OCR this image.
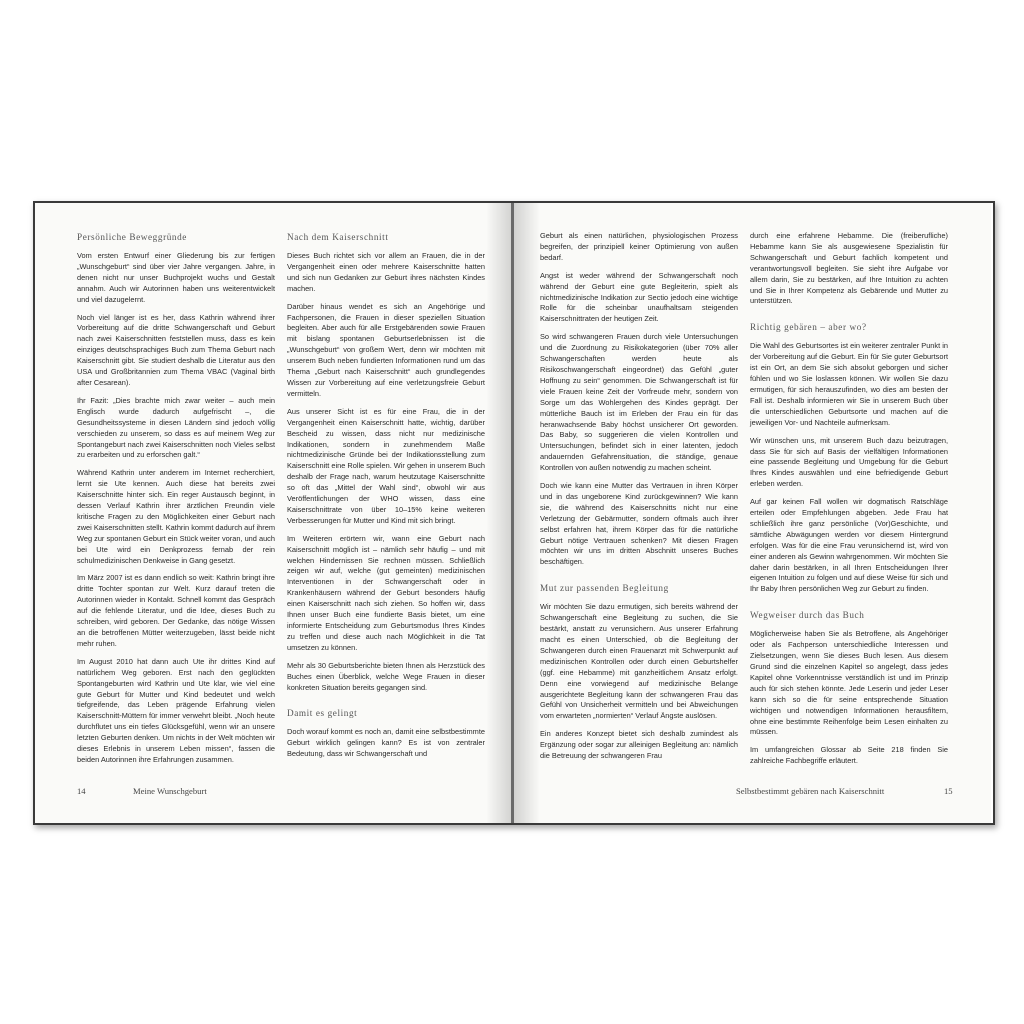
Persönliche Beweggründe

Vom ersten Entwurf einer Gliederung bis zur fertigen „Wunschgeburt“ sind über vier Jahre vergangen. Jahre, in denen nicht nur unser Buchprojekt wuchs und Gestalt annahm. Auch wir Autorinnen haben uns weiterentwickelt und viel dazugelernt.

Noch viel länger ist es her, dass Kathrin während ihrer Vorbereitung auf die dritte Schwangerschaft und Geburt nach zwei Kaiserschnitten feststellen muss, dass es kein einziges deutschsprachiges Buch zum Thema Geburt nach Kaiserschnitt gibt. Sie studiert deshalb die Literatur aus den USA und Großbritannien zum Thema VBAC (Vaginal birth after Cesarean).

Ihr Fazit: „Dies brachte mich zwar weiter – auch mein Englisch wurde dadurch aufgefrischt –, die Gesundheitssysteme in diesen Ländern sind jedoch völlig verschieden zu unserem, so dass es auf meinem Weg zur Spontangeburt nach zwei Kaiserschnitten noch Vieles selbst zu erarbeiten und zu erforschen galt.“

Während Kathrin unter anderem im Internet recherchiert, lernt sie Ute kennen. Auch diese hat bereits zwei Kaiserschnitte hinter sich. Ein reger Austausch beginnt, in dessen Verlauf Kathrin ihrer ärztlichen Freundin viele kritische Fragen zu den Möglichkeiten einer Geburt nach zwei Kaiserschnitten stellt. Kathrin kommt dadurch auf ihrem Weg zur spontanen Geburt ein Stück weiter voran, und auch bei Ute wird ein Denkprozess fernab der rein schulmedizinischen Denkweise in Gang gesetzt.

Im März 2007 ist es dann endlich so weit: Kathrin bringt ihre dritte Tochter spontan zur Welt. Kurz darauf treten die Autorinnen wieder in Kontakt. Schnell kommt das Gespräch auf die fehlende Literatur, und die Idee, dieses Buch zu schreiben, wird geboren. Der Gedanke, das nötige Wissen an die betroffenen Mütter weiterzugeben, lässt beide nicht mehr ruhen.

Im August 2010 hat dann auch Ute ihr drittes Kind auf natürlichem Weg geboren. Erst nach den geglückten Spontangeburten wird Kathrin und Ute klar, wie viel eine gute Geburt für Mutter und Kind bedeutet und welch tiefgreifende, das Leben prägende Erfahrung vielen Kaiserschnitt-Müttern für immer verwehrt bleibt. „Noch heute durchflutet uns ein tiefes Glücksgefühl, wenn wir an unsere letzten Geburten denken. Um nichts in der Welt möchten wir dieses Erlebnis in unserem Leben missen“, fassen die beiden Autorinnen ihre Erfahrungen zusammen.

Nach dem Kaiserschnitt

Dieses Buch richtet sich vor allem an Frauen, die in der Vergangenheit einen oder mehrere Kaiserschnitte hatten und sich nun Gedanken zur Geburt ihres nächsten Kindes machen.

Darüber hinaus wendet es sich an Angehörige und Fachpersonen, die Frauen in dieser speziellen Situation begleiten. Aber auch für alle Erstgebärenden sowie Frauen mit bislang spontanen Geburtserlebnissen ist die „Wunschgeburt“ von großem Wert, denn wir möchten mit unserem Buch neben fundierten Informationen rund um das Thema „Geburt nach Kaiserschnitt“ auch grundlegendes Wissen zur Vorbereitung auf eine verletzungsfreie Geburt vermitteln.

Aus unserer Sicht ist es für eine Frau, die in der Vergangenheit einen Kaiserschnitt hatte, wichtig, darüber Bescheid zu wissen, dass nicht nur medizinische Indikationen, sondern in zunehmendem Maße nichtmedizinische Gründe bei der Indikationsstellung zum Kaiserschnitt eine Rolle spielen. Wir gehen in unserem Buch deshalb der Frage nach, warum heutzutage Kaiserschnitte so oft das „Mittel der Wahl sind“, obwohl wir aus Veröffentlichungen der WHO wissen, dass eine Kaiserschnittrate von über 10–15% keine weiteren Verbesserungen für Mutter und Kind mit sich bringt.

Im Weiteren erörtern wir, wann eine Geburt nach Kaiserschnitt möglich ist – nämlich sehr häufig – und mit welchen Hindernissen Sie rechnen müssen. Schließlich zeigen wir auf, welche (gut gemeinten) medizinischen Interventionen in der Schwangerschaft oder in Krankenhäusern während der Geburt besonders häufig einen Kaiserschnitt nach sich ziehen. So hoffen wir, dass Ihnen unser Buch eine fundierte Basis bietet, um eine informierte Entscheidung zum Geburtsmodus Ihres Kindes zu treffen und diese auch nach Möglichkeit in die Tat umsetzen zu können.

Mehr als 30 Geburtsberichte bieten Ihnen als Herzstück des Buches einen Überblick, welche Wege Frauen in dieser konkreten Situation bereits gegangen sind.

Damit es gelingt

Doch worauf kommt es noch an, damit eine selbstbestimmte Geburt wirklich gelingen kann? Es ist von zentraler Bedeutung, dass wir Schwangerschaft und

14	Meine Wunschgeburt

Geburt als einen natürlichen, physiologischen Prozess begreifen, der prinzipiell keiner Optimierung von außen bedarf.

Angst ist weder während der Schwangerschaft noch während der Geburt eine gute Begleiterin, spielt als nichtmedizinische Indikation zur Sectio jedoch eine wichtige Rolle für die scheinbar unaufhaltsam steigenden Kaiserschnittraten der heutigen Zeit.

So wird schwangeren Frauen durch viele Untersuchungen und die Zuordnung zu Risikokategorien (über 70% aller Schwangerschaften werden heute als Risikoschwangerschaft eingeordnet) das Gefühl „guter Hoffnung zu sein“ genommen. Die Schwangerschaft ist für viele Frauen keine Zeit der Vorfreude mehr, sondern von Sorge um das Wohlergehen des Kindes geprägt. Der mütterliche Bauch ist im Erleben der Frau ein für das heranwachsende Baby höchst unsicherer Ort geworden. Das Baby, so suggerieren die vielen Kontrollen und Untersuchungen, befindet sich in einer latenten, jedoch andauernden Gefahrensituation, die ständige, genaue Kontrollen von außen notwendig zu machen scheint.

Doch wie kann eine Mutter das Vertrauen in ihren Körper und in das ungeborene Kind zurückgewinnen? Wie kann sie, die während des Kaiserschnitts nicht nur eine Verletzung der Gebärmutter, sondern oftmals auch ihrer selbst erfahren hat, ihrem Körper das für die natürliche Geburt nötige Vertrauen schenken? Mit diesen Fragen möchten wir uns im dritten Abschnitt unseres Buches beschäftigen.

Mut zur passenden Begleitung

Wir möchten Sie dazu ermutigen, sich bereits während der Schwangerschaft eine Begleitung zu suchen, die Sie bestärkt, anstatt zu verunsichern. Aus unserer Erfahrung macht es einen Unterschied, ob die Begleitung der Schwangeren durch einen Frauenarzt mit Schwerpunkt auf medizinischen Kontrollen oder durch einen Geburtshelfer (ggf. eine Hebamme) mit ganzheitlichem Ansatz erfolgt. Denn eine vorwiegend auf medizinische Belange ausgerichtete Begleitung kann der schwangeren Frau das Gefühl von Unsicherheit vermitteln und bei Abweichungen vom erwarteten „normierten“ Verlauf Ängste auslösen.

Ein anderes Konzept bietet sich deshalb zumindest als Ergänzung oder sogar zur alleinigen Begleitung an: nämlich die Betreuung der schwangeren Frau

durch eine erfahrene Hebamme. Die (freiberufliche) Hebamme kann Sie als ausgewiesene Spezialistin für Schwangerschaft und Geburt fachlich kompetent und verantwortungsvoll begleiten. Sie sieht ihre Aufgabe vor allem darin, Sie zu bestärken, auf Ihre Intuition zu achten und Sie in Ihrer Kompetenz als Gebärende und Mutter zu unterstützen.

Richtig gebären – aber wo?

Die Wahl des Geburtsortes ist ein weiterer zentraler Punkt in der Vorbereitung auf die Geburt. Ein für Sie guter Geburtsort ist ein Ort, an dem Sie sich absolut geborgen und sicher fühlen und wo Sie loslassen können. Wir wollen Sie dazu ermutigen, für sich herauszufinden, wo dies am besten der Fall ist. Deshalb informieren wir Sie in unserem Buch über die unterschiedlichen Geburtsorte und machen auf die jeweiligen Vor- und Nachteile aufmerksam.

Wir wünschen uns, mit unserem Buch dazu beizutragen, dass Sie für sich auf Basis der vielfältigen Informationen eine passende Begleitung und Umgebung für die Geburt Ihres Kindes auswählen und eine befriedigende Geburt erleben werden.

Auf gar keinen Fall wollen wir dogmatisch Ratschläge erteilen oder Empfehlungen abgeben. Jede Frau hat schließlich ihre ganz persönliche (Vor)Geschichte, und sämtliche Abwägungen werden vor diesem Hintergrund erfolgen. Was für die eine Frau verunsichernd ist, wird von einer anderen als Gewinn wahrgenommen. Wir möchten Sie daher darin bestärken, in all Ihren Entscheidungen Ihrer eigenen Intuition zu folgen und auf diese Weise für sich und Ihr Baby Ihren persönlichen Weg zur Geburt zu finden.

Wegweiser durch das Buch

Möglicherweise haben Sie als Betroffene, als Angehöriger oder als Fachperson unterschiedliche Interessen und Zielsetzungen, wenn Sie dieses Buch lesen. Aus diesem Grund sind die einzelnen Kapitel so angelegt, dass jedes Kapitel ohne Vorkenntnisse verständlich ist und im Prinzip auch für sich stehen könnte. Jede Leserin und jeder Leser kann sich so die für seine entsprechende Situation wichtigen und notwendigen Informationen herausfiltern, ohne eine bestimmte Reihenfolge beim Lesen einhalten zu müssen.

Im umfangreichen Glossar ab Seite 218 finden Sie zahlreiche Fachbegriffe erläutert.

Selbstbestimmt gebären nach Kaiserschnitt	15
